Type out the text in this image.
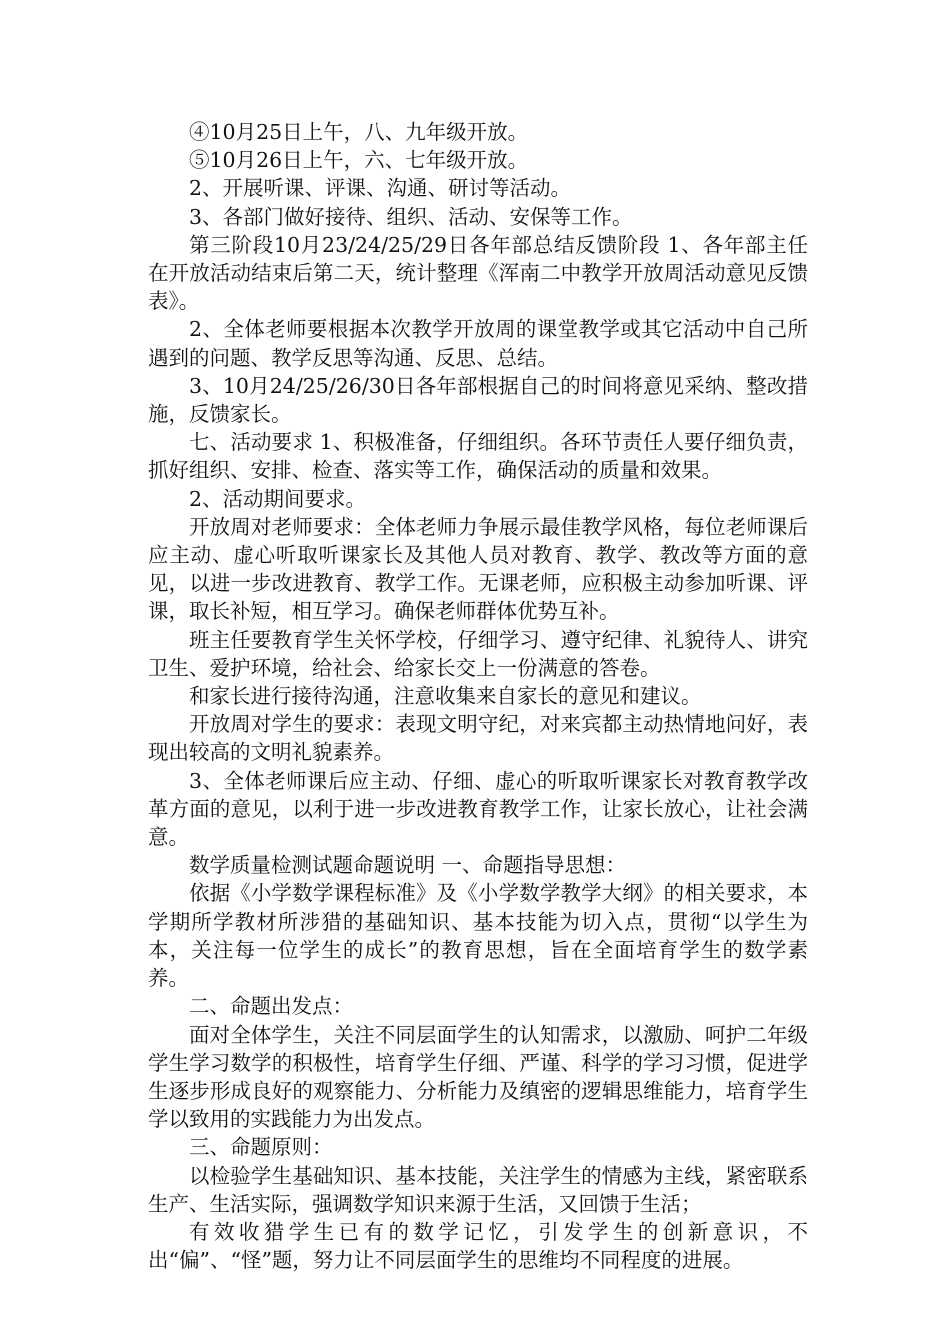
④10月25日上午，八、九年级开放。

⑤10月26日上午，六、七年级开放。

2、开展听课、评课、沟通、研讨等活动。

3、各部门做好接待、组织、活动、安保等工作。

第三阶段10月23/24/25/29日各年部总结反馈阶段 1、各年部主任在开放活动结束后第二天，统计整理《浑南二中教学开放周活动意见反馈表》。

2、全体老师要根据本次教学开放周的课堂教学或其它活动中自己所遇到的问题、教学反思等沟通、反思、总结。

3、10月24/25/26/30日各年部根据自己的时间将意见采纳、整改措施，反馈家长。

七、活动要求 1、积极准备，仔细组织。各环节责任人要仔细负责，抓好组织、安排、检查、落实等工作，确保活动的质量和效果。

2、活动期间要求。

开放周对老师要求：全体老师力争展示最佳教学风格，每位老师课后应主动、虚心听取听课家长及其他人员对教育、教学、教改等方面的意见，以进一步改进教育、教学工作。无课老师，应积极主动参加听课、评课，取长补短，相互学习。确保老师群体优势互补。

班主任要教育学生关怀学校，仔细学习、遵守纪律、礼貌待人、讲究卫生、爱护环境，给社会、给家长交上一份满意的答卷。

和家长进行接待沟通，注意收集来自家长的意见和建议。

开放周对学生的要求：表现文明守纪，对来宾都主动热情地问好，表现出较高的文明礼貌素养。

3、全体老师课后应主动、仔细、虚心的听取听课家长对教育教学改革方面的意见，以利于进一步改进教育教学工作，让家长放心，让社会满意。

数学质量检测试题命题说明 一、命题指导思想：

依据《小学数学课程标准》及《小学数学教学大纲》的相关要求，本学期所学教材所涉猎的基础知识、基本技能为切入点，贯彻“以学生为本，关注每一位学生的成长”的教育思想，旨在全面培育学生的数学素养。

二、命题出发点：

面对全体学生，关注不同层面学生的认知需求，以激励、呵护二年级学生学习数学的积极性，培育学生仔细、严谨、科学的学习习惯，促进学生逐步形成良好的观察能力、分析能力及缜密的逻辑思维能力，培育学生学以致用的实践能力为出发点。

三、命题原则：

以检验学生基础知识、基本技能，关注学生的情感为主线，紧密联系生产、生活实际，强调数学知识来源于生活，又回馈于生活；

有效收猎学生已有的数学记忆，引发学生的创新意识，不出“偏”、“怪”题，努力让不同层面学生的思维均不同程度的进展。
